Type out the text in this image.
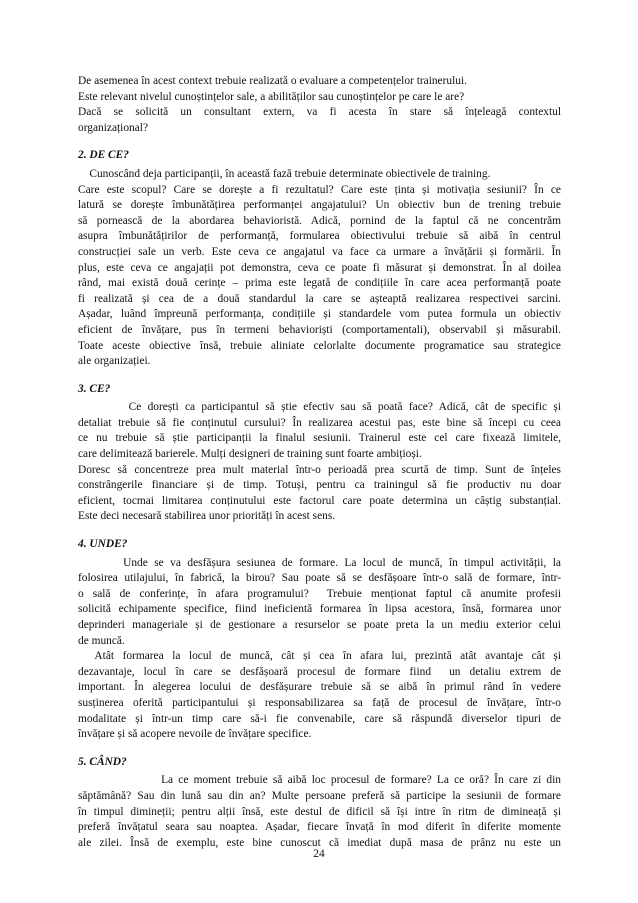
De asemenea în acest context trebuie realizată o evaluare a competențelor trainerului.
Este relevant nivelul cunoștințelor sale, a abilităților sau cunoștințelor pe care le are?
Dacă se solicită un consultant extern, va fi acesta în stare să înțeleagă contextul
organizațional?
2. DE CE?
Cunoscând deja participanții, în această fază trebuie determinate obiectivele de training.
Care este scopul? Care se dorește a fi rezultatul? Care este ținta și motivația sesiunii? În ce
latură se dorește îmbunătățirea performanței angajatului? Un obiectiv bun de trening trebuie
să pornească de la abordarea behavioristă. Adică, pornind de la faptul că ne concentrăm
asupra îmbunătățirilor de performanță, formularea obiectivului trebuie să aibă în centrul
construcției sale un verb. Este ceva ce angajatul va face ca urmare a învățării și formării. În
plus, este ceva ce angajații pot demonstra, ceva ce poate fi măsurat și demonstrat. În al doilea
rând, mai există două cerințe – prima este legată de condițiile în care acea performanță poate
fi realizată și cea de a două standardul la care se așteaptă realizarea respectivei sarcini.
Așadar, luând împreună performanța, condițiile și standardele vom putea formula un obiectiv
eficient de învățare, pus în termeni behavioriști (comportamentali), observabil și măsurabil.
Toate aceste obiective însă, trebuie aliniate celorlalte documente programatice sau strategice
ale organizației.
3. CE?
Ce dorești ca participantul să știe efectiv sau să poată face? Adică, cât de specific și
detaliat trebuie să fie conținutul cursului? În realizarea acestui pas, este bine să începi cu ceea
ce nu trebuie să știe participanții la finalul sesiunii. Trainerul este cel care fixează limitele,
care delimitează barierele. Mulți designeri de training sunt foarte ambițioși.
Doresc să concentreze prea mult material într-o perioadă prea scurtă de timp. Sunt de înțeles
constrângerile financiare și de timp. Totuși, pentru ca trainingul să fie productiv nu doar
eficient, tocmai limitarea conținutului este factorul care poate determina un câștig substanțial.
Este deci necesară stabilirea unor priorități în acest sens.
4. UNDE?
Unde se va desfășura sesiunea de formare. La locul de muncă, în timpul activității, la
folosirea utilajului, în fabrică, la birou? Sau poate să se desfășoare într-o sală de formare, într-
o sală de conferințe, în afara programului?  Trebuie menționat faptul că anumite profesii
solicită echipamente specifice, fiind ineficientă formarea în lipsa acestora, însă, formarea unor
deprinderi manageriale și de gestionare a resurselor se poate preta la un mediu exterior celui
de muncă.
Atât formarea la locul de muncă, cât și cea în afara lui, prezintă atât avantaje cât și
dezavantaje, locul în care se desfășoară procesul de formare fiind  un detaliu extrem de
important. În alegerea locului de desfășurare trebuie să se aibă în primul rând în vedere
susținerea oferită participantului și responsabilizarea sa față de procesul de învățare, într-o
modalitate și într-un timp care să-i fie convenabile, care să răspundă diverselor tipuri de
învățare și să acopere nevoile de învățare specifice.
5. CÂND?
La ce moment trebuie să aibă loc procesul de formare? La ce oră? În care zi din
săptămână? Sau din lună sau din an? Multe persoane preferă să participe la sesiunii de formare
în timpul dimineții; pentru alții însă, este destul de dificil să își intre în ritm de dimineață și
preferă învățatul seara sau noaptea. Așadar, fiecare învață în mod diferit în diferite momente
ale zilei. Însă de exemplu, este bine cunoscut că imediat după masa de prânz nu este un
24
